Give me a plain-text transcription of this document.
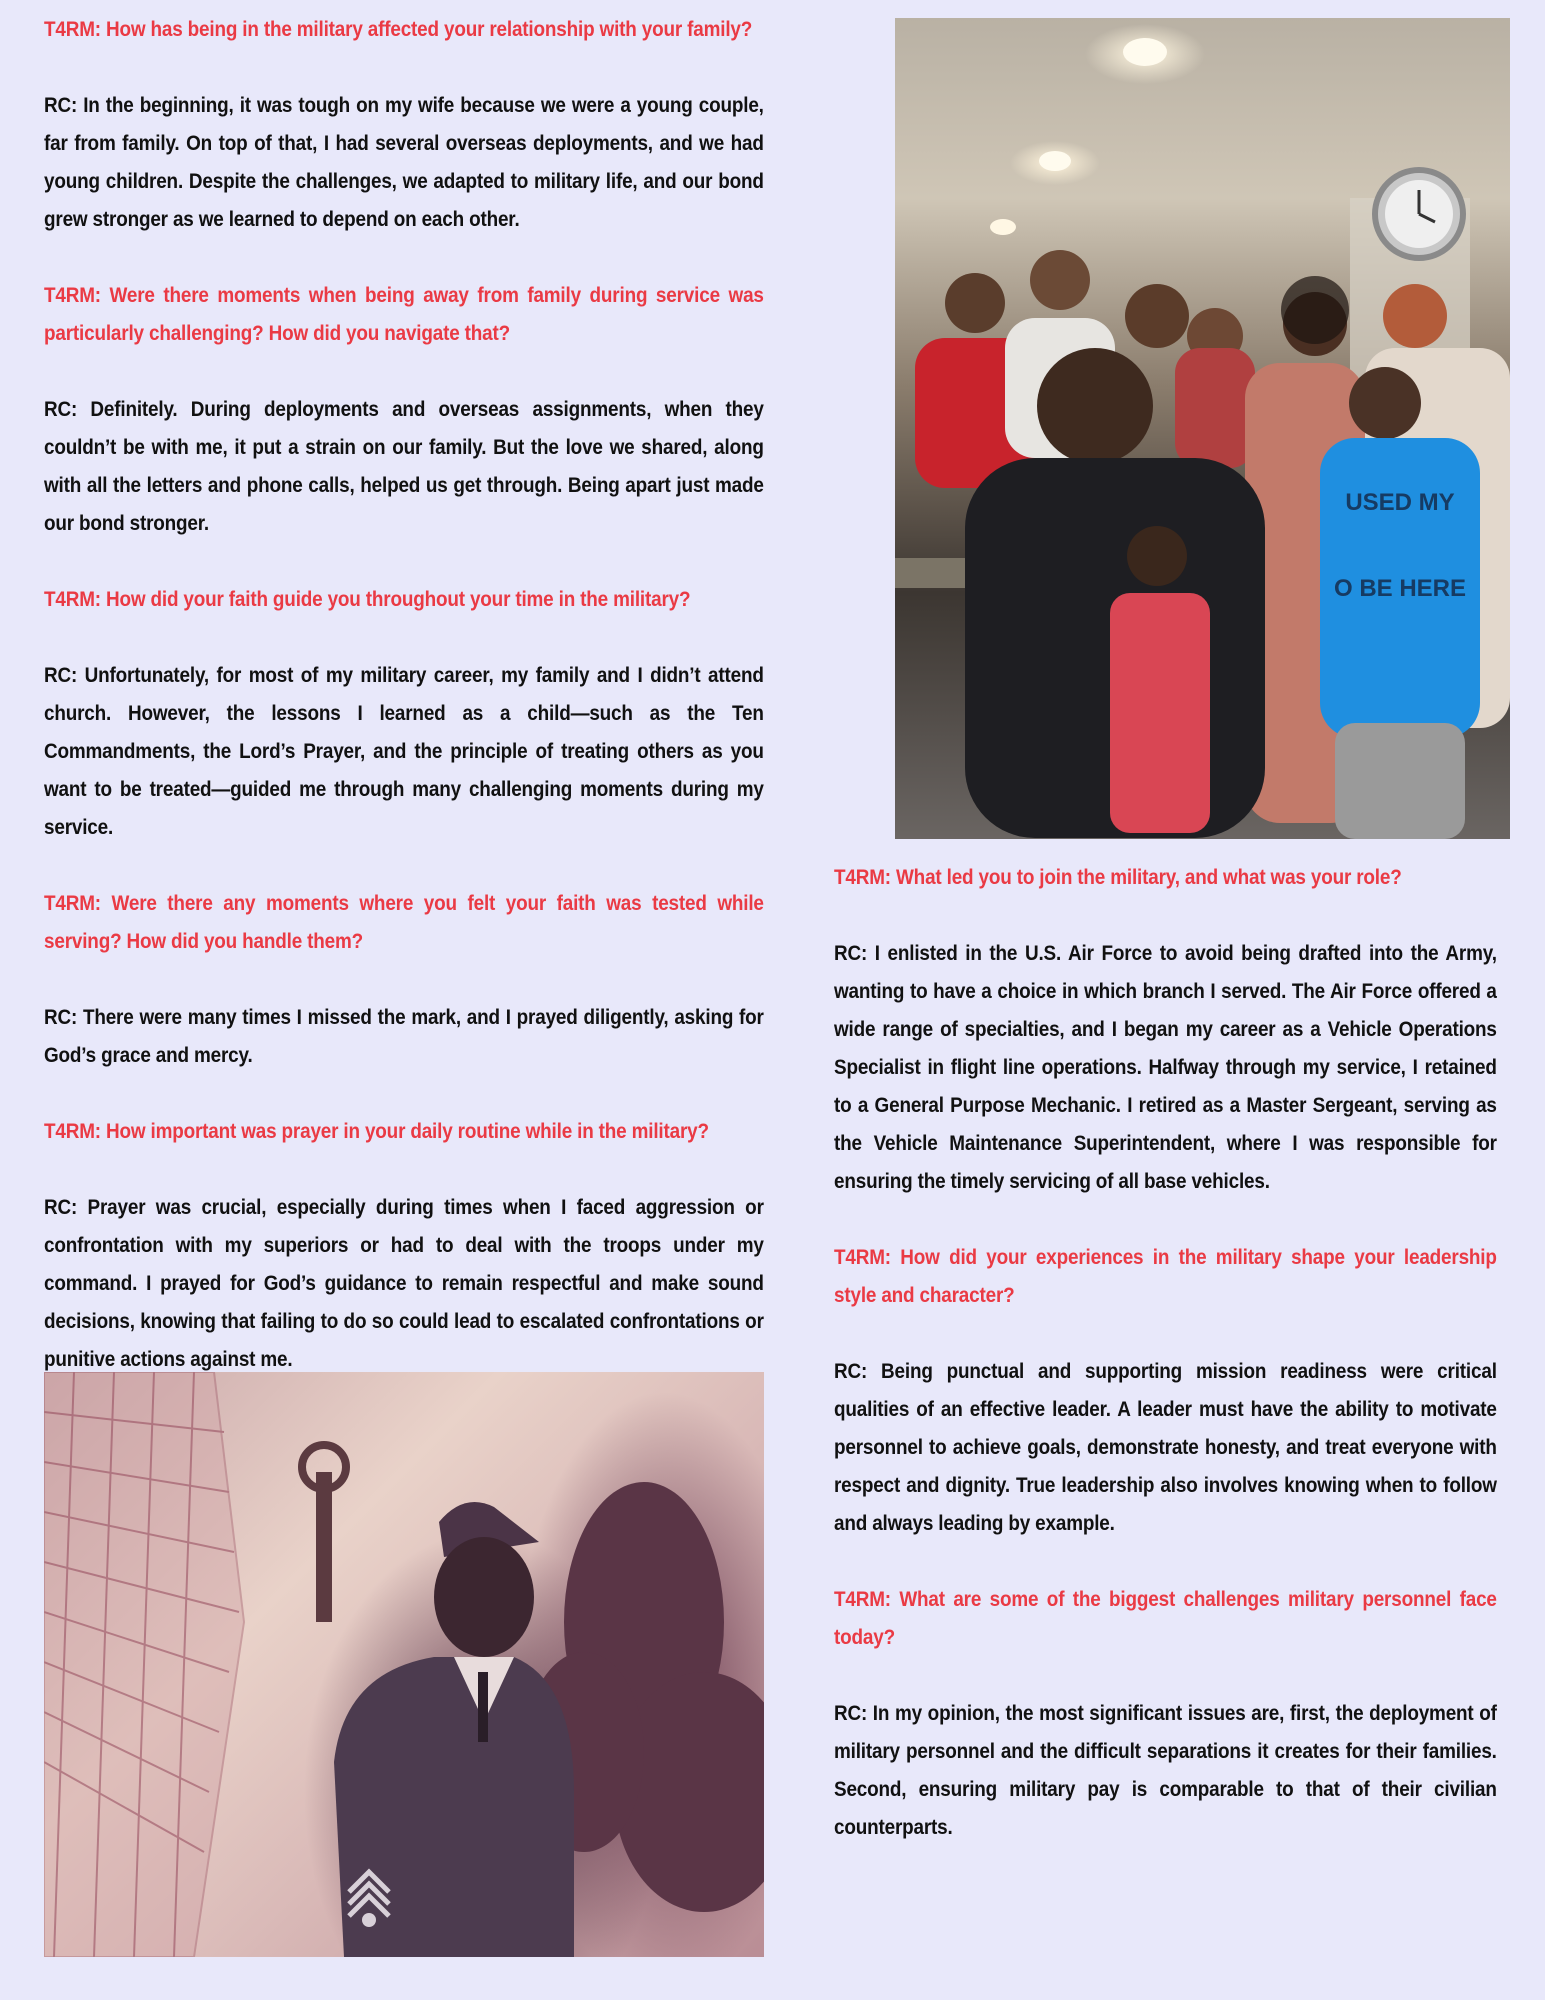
T4RM: How has being in the military affected your relationship with your family?

RC: In the beginning, it was tough on my wife because we were a young couple, far from family. On top of that, I had several overseas deployments, and we had young children. Despite the challenges, we adapted to military life, and our bond grew stronger as we learned to depend on each other.

T4RM: Were there moments when being away from family during service was particularly challenging? How did you navigate that?

RC: Definitely. During deployments and overseas assignments, when they couldn’t be with me, it put a strain on our family. But the love we shared, along with all the letters and phone calls, helped us get through. Being apart just made our bond stronger.

T4RM: How did your faith guide you throughout your time in the military?

RC: Unfortunately, for most of my military career, my family and I didn’t attend church. However, the lessons I learned as a child—such as the Ten Commandments, the Lord’s Prayer, and the principle of treating others as you want to be treated—guided me through many challenging moments during my service.

T4RM: Were there any moments where you felt your faith was tested while serving? How did you handle them?

RC: There were many times I missed the mark, and I prayed diligently, asking for God’s grace and mercy.

T4RM: How important was prayer in your daily routine while in the military?

RC: Prayer was crucial, especially during times when I faced aggression or confrontation with my superiors or had to deal with the troops under my command. I prayed for God’s guidance to remain respectful and make sound decisions, knowing that failing to do so could lead to escalated confrontations or punitive actions against me.

T4RM: What led you to join the military, and what was your role?

RC: I enlisted in the U.S. Air Force to avoid being drafted into the Army, wanting to have a choice in which branch I served. The Air Force offered a wide range of specialties, and I began my career as a Vehicle Operations Specialist in flight line operations. Halfway through my service, I retained to a General Purpose Mechanic. I retired as a Master Sergeant, serving as the Vehicle Maintenance Superintendent, where I was responsible for ensuring the timely servicing of all base vehicles.

T4RM: How did your experiences in the military shape your leadership style and character?

RC: Being punctual and supporting mission readiness were critical qualities of an effective leader. A leader must have the ability to motivate personnel to achieve goals, demonstrate honesty, and treat everyone with respect and dignity. True leadership also involves knowing when to follow and always leading by example.

T4RM: What are some of the biggest challenges military personnel face today?

RC: In my opinion, the most significant issues are, first, the deployment of military personnel and the difficult separations it creates for their families. Second, ensuring military pay is comparable to that of their civilian counterparts.

USED MY
O BE HERE
